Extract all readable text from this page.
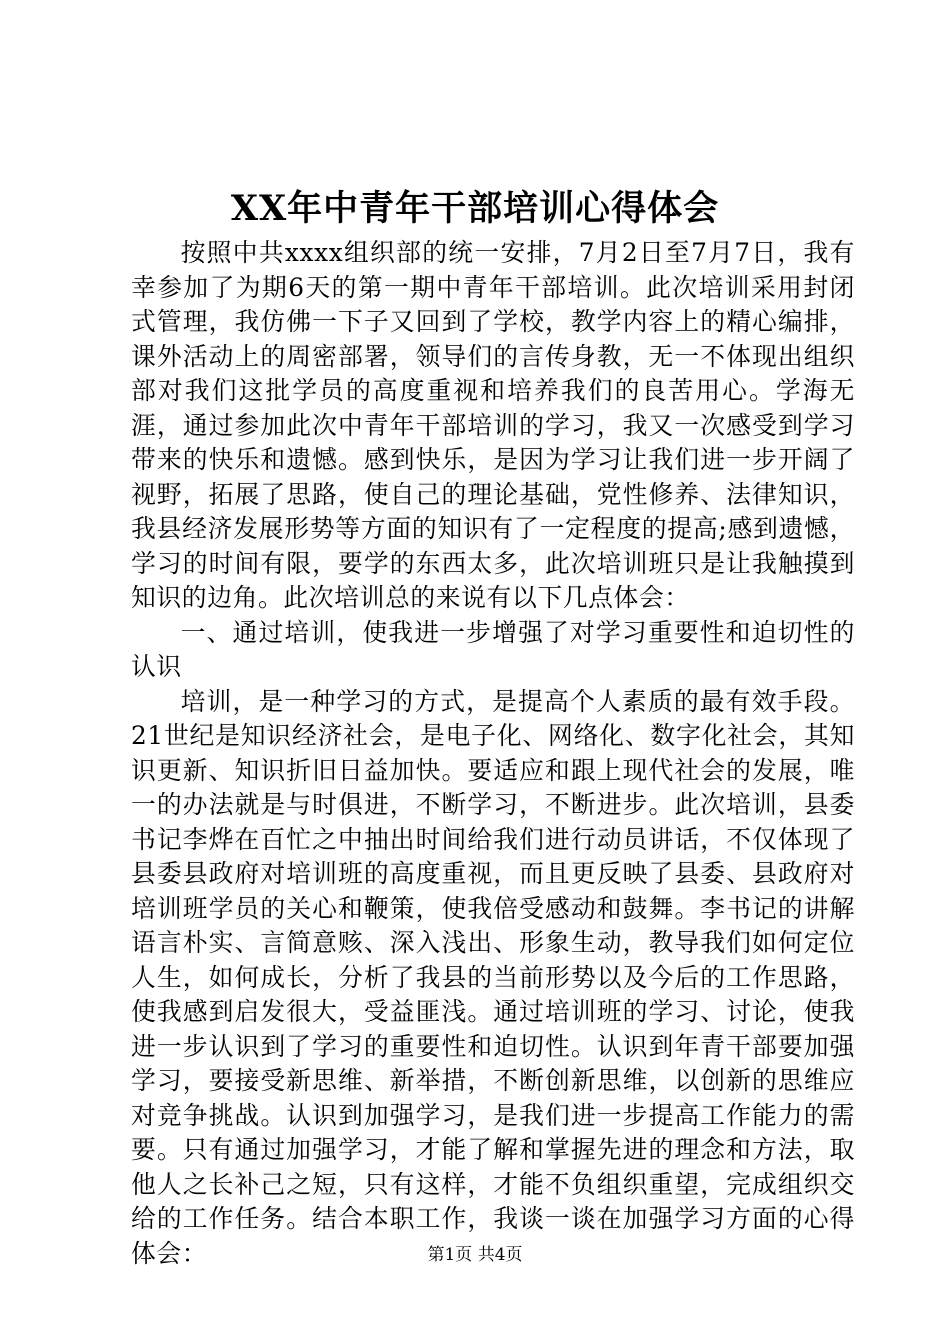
XX年中青年干部培训心得体会

按照中共xxxx组织部的统一安排，7月2日至7月7日，我有幸参加了为期6天的第一期中青年干部培训。此次培训采用封闭式管理，我仿佛一下子又回到了学校，教学内容上的精心编排，课外活动上的周密部署，领导们的言传身教，无一不体现出组织部对我们这批学员的高度重视和培养我们的良苦用心。学海无涯，通过参加此次中青年干部培训的学习，我又一次感受到学习带来的快乐和遗憾。感到快乐，是因为学习让我们进一步开阔了视野，拓展了思路，使自己的理论基础，党性修养、法律知识，我县经济发展形势等方面的知识有了一定程度的提高;感到遗憾，学习的时间有限，要学的东西太多，此次培训班只是让我触摸到知识的边角。此次培训总的来说有以下几点体会：

一、通过培训，使我进一步增强了对学习重要性和迫切性的认识

培训，是一种学习的方式，是提高个人素质的最有效手段。21世纪是知识经济社会，是电子化、网络化、数字化社会，其知识更新、知识折旧日益加快。要适应和跟上现代社会的发展，唯一的办法就是与时俱进，不断学习，不断进步。此次培训，县委书记李烨在百忙之中抽出时间给我们进行动员讲话，不仅体现了县委县政府对培训班的高度重视，而且更反映了县委、县政府对培训班学员的关心和鞭策，使我倍受感动和鼓舞。李书记的讲解语言朴实、言简意赅、深入浅出、形象生动，教导我们如何定位人生，如何成长，分析了我县的当前形势以及今后的工作思路，使我感到启发很大，受益匪浅。通过培训班的学习、讨论，使我进一步认识到了学习的重要性和迫切性。认识到年青干部要加强学习，要接受新思维、新举措，不断创新思维，以创新的思维应对竞争挑战。认识到加强学习，是我们进一步提高工作能力的需要。只有通过加强学习，才能了解和掌握先进的理念和方法，取他人之长补己之短，只有这样，才能不负组织重望，完成组织交给的工作任务。结合本职工作，我谈一谈在加强学习方面的心得体会：	第1页 共4页
